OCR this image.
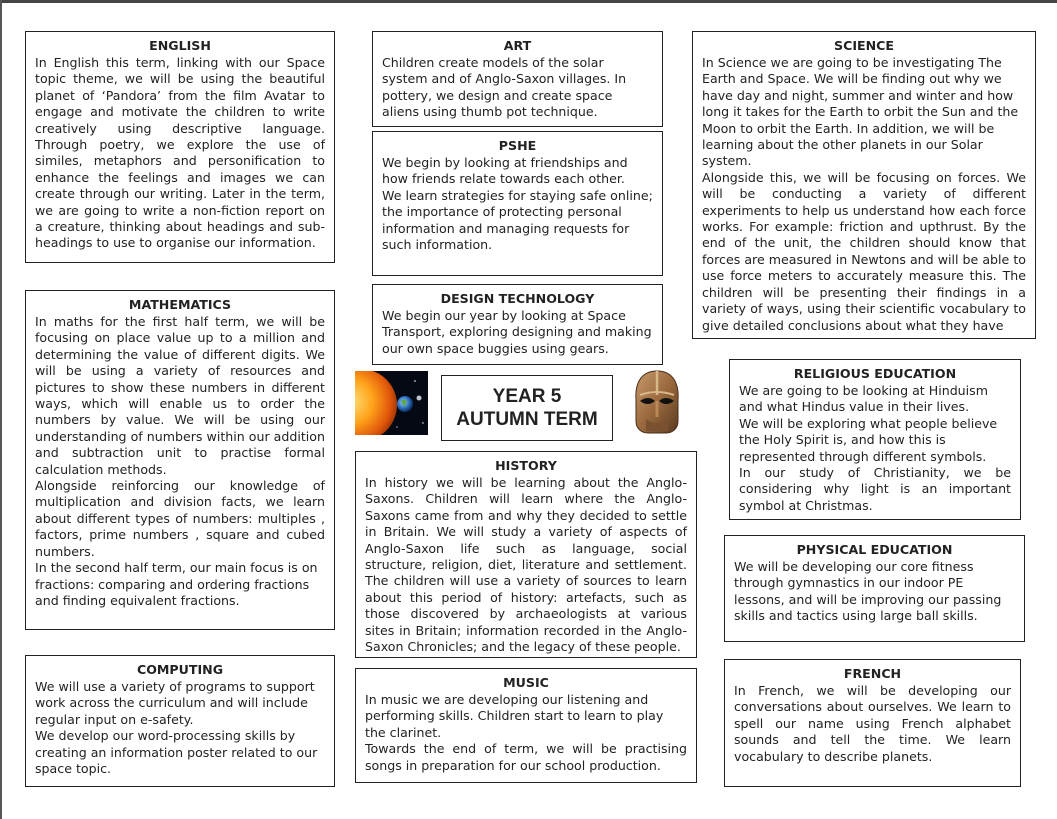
ENGLISH

In English this term, linking with our Space topic theme, we will be using the beautiful planet of ‘Pandora’ from the film Avatar to engage and motivate the children to write creatively using descriptive language. Through poetry, we explore the use of similes, metaphors and personification to enhance the feelings and images we can create through our writing. Later in the term, we are going to write a non-fiction report on a creature, thinking about headings and sub-headings to use to organise our information.

ART

Children create models of the solar system and of Anglo-Saxon villages. In pottery, we design and create space aliens using thumb pot technique.

SCIENCE

In Science we are going to be investigating The Earth and Space. We will be finding out why we have day and night, summer and winter and how long it takes for the Earth to orbit the Sun and the Moon to orbit the Earth. In addition, we will be learning about the other planets in our Solar system.

Alongside this, we will be focusing on forces. We will be conducting a variety of different experiments to help us understand how each force works. For example: friction and upthrust. By the end of the unit, the children should know that forces are measured in Newtons and will be able to use force meters to accurately measure this. The children will be presenting their findings in a variety of ways, using their scientific vocabulary to give detailed conclusions about what they have

PSHE

We begin by looking at friendships and how friends relate towards each other.

We learn strategies for staying safe online; the importance of protecting personal information and managing requests for such information.

DESIGN TECHNOLOGY

We begin our year by looking at Space Transport, exploring designing and making our own space buggies using gears.

MATHEMATICS

In maths for the first half term, we will be focusing on place value up to a million and determining the value of different digits. We will be using a variety of resources and pictures to show these numbers in different ways, which will enable us to order the numbers by value. We will be using our understanding of numbers within our addition and subtraction unit to practise formal calculation methods.

Alongside reinforcing our knowledge of multiplication and division facts, we learn about different types of numbers: multiples , factors, prime numbers , square and cubed numbers.

In the second half term, our main focus is on fractions: comparing and ordering fractions and finding equivalent fractions.

YEAR 5
AUTUMN TERM
RELIGIOUS EDUCATION

We are going to be looking at Hinduism and what Hindus value in their lives.

We will be exploring what people believe the Holy Spirit is, and how this is represented through different symbols.

In our study of Christianity, we be considering why light is an important symbol at Christmas.

HISTORY

In history we will be learning about the Anglo-Saxons. Children will learn where the Anglo-Saxons came from and why they decided to settle in Britain. We will study a variety of aspects of Anglo-Saxon life such as language, social structure, religion, diet, literature and settlement. The children will use a variety of sources to learn about this period of history: artefacts, such as those discovered by archaeologists at various sites in Britain; information recorded in the Anglo-Saxon Chronicles; and the legacy of these people.

PHYSICAL EDUCATION

We will be developing our core fitness through gymnastics in our indoor PE lessons, and will be improving our passing skills and tactics using large ball skills.

COMPUTING

We will use a variety of programs to support work across the curriculum and will include regular input on e-safety.

We develop our word-processing skills by creating an information poster related to our space topic.

MUSIC

In music we are developing our listening and performing skills. Children start to learn to play the clarinet.

Towards the end of term, we will be practising songs in preparation for our school production.

FRENCH

In French, we will be developing our conversations about ourselves. We learn to spell our name using French alphabet sounds and tell the time. We learn vocabulary to describe planets.
